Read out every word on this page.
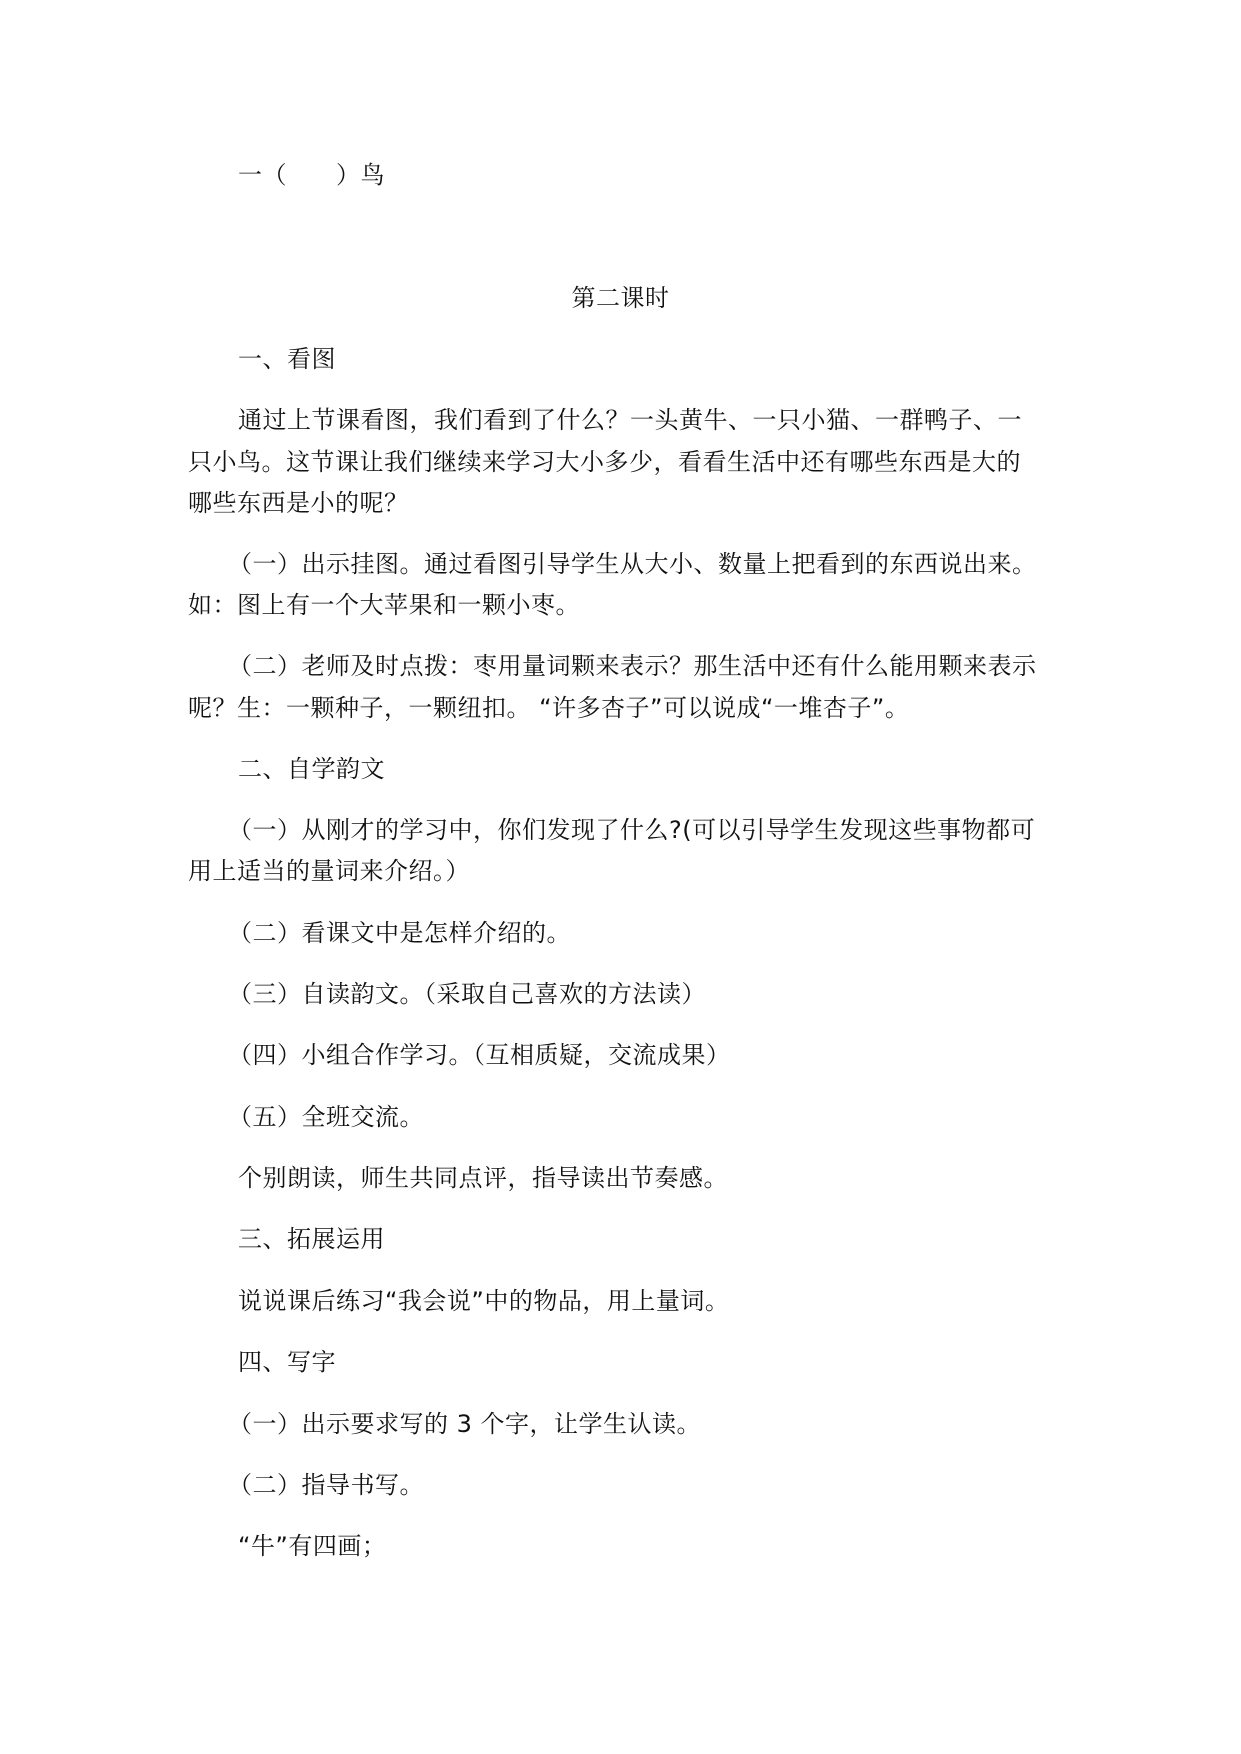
一（　　）鸟
第二课时
一、看图
通过上节课看图，我们看到了什么？一头黄牛、一只小猫、一群鸭子、一
只小鸟。这节课让我们继续来学习大小多少，看看生活中还有哪些东西是大的
哪些东西是小的呢？
（一）出示挂图。通过看图引导学生从大小、数量上把看到的东西说出来。
如：图上有一个大苹果和一颗小枣。
（二）老师及时点拨：枣用量词颗来表示？那生活中还有什么能用颗来表示
呢？生：一颗种子，一颗纽扣。 “许多杏子”可以说成“一堆杏子”。
二、自学韵文
（一）从刚才的学习中，你们发现了什么?(可以引导学生发现这些事物都可
用上适当的量词来介绍。）
（二）看课文中是怎样介绍的。
（三）自读韵文。（采取自己喜欢的方法读）
（四）小组合作学习。（互相质疑，交流成果）
（五）全班交流。
个别朗读，师生共同点评，指导读出节奏感。
三、拓展运用
说说课后练习“我会说”中的物品，用上量词。
四、写字
（一）出示要求写的 3 个字，让学生认读。
（二）指导书写。
“牛”有四画；
